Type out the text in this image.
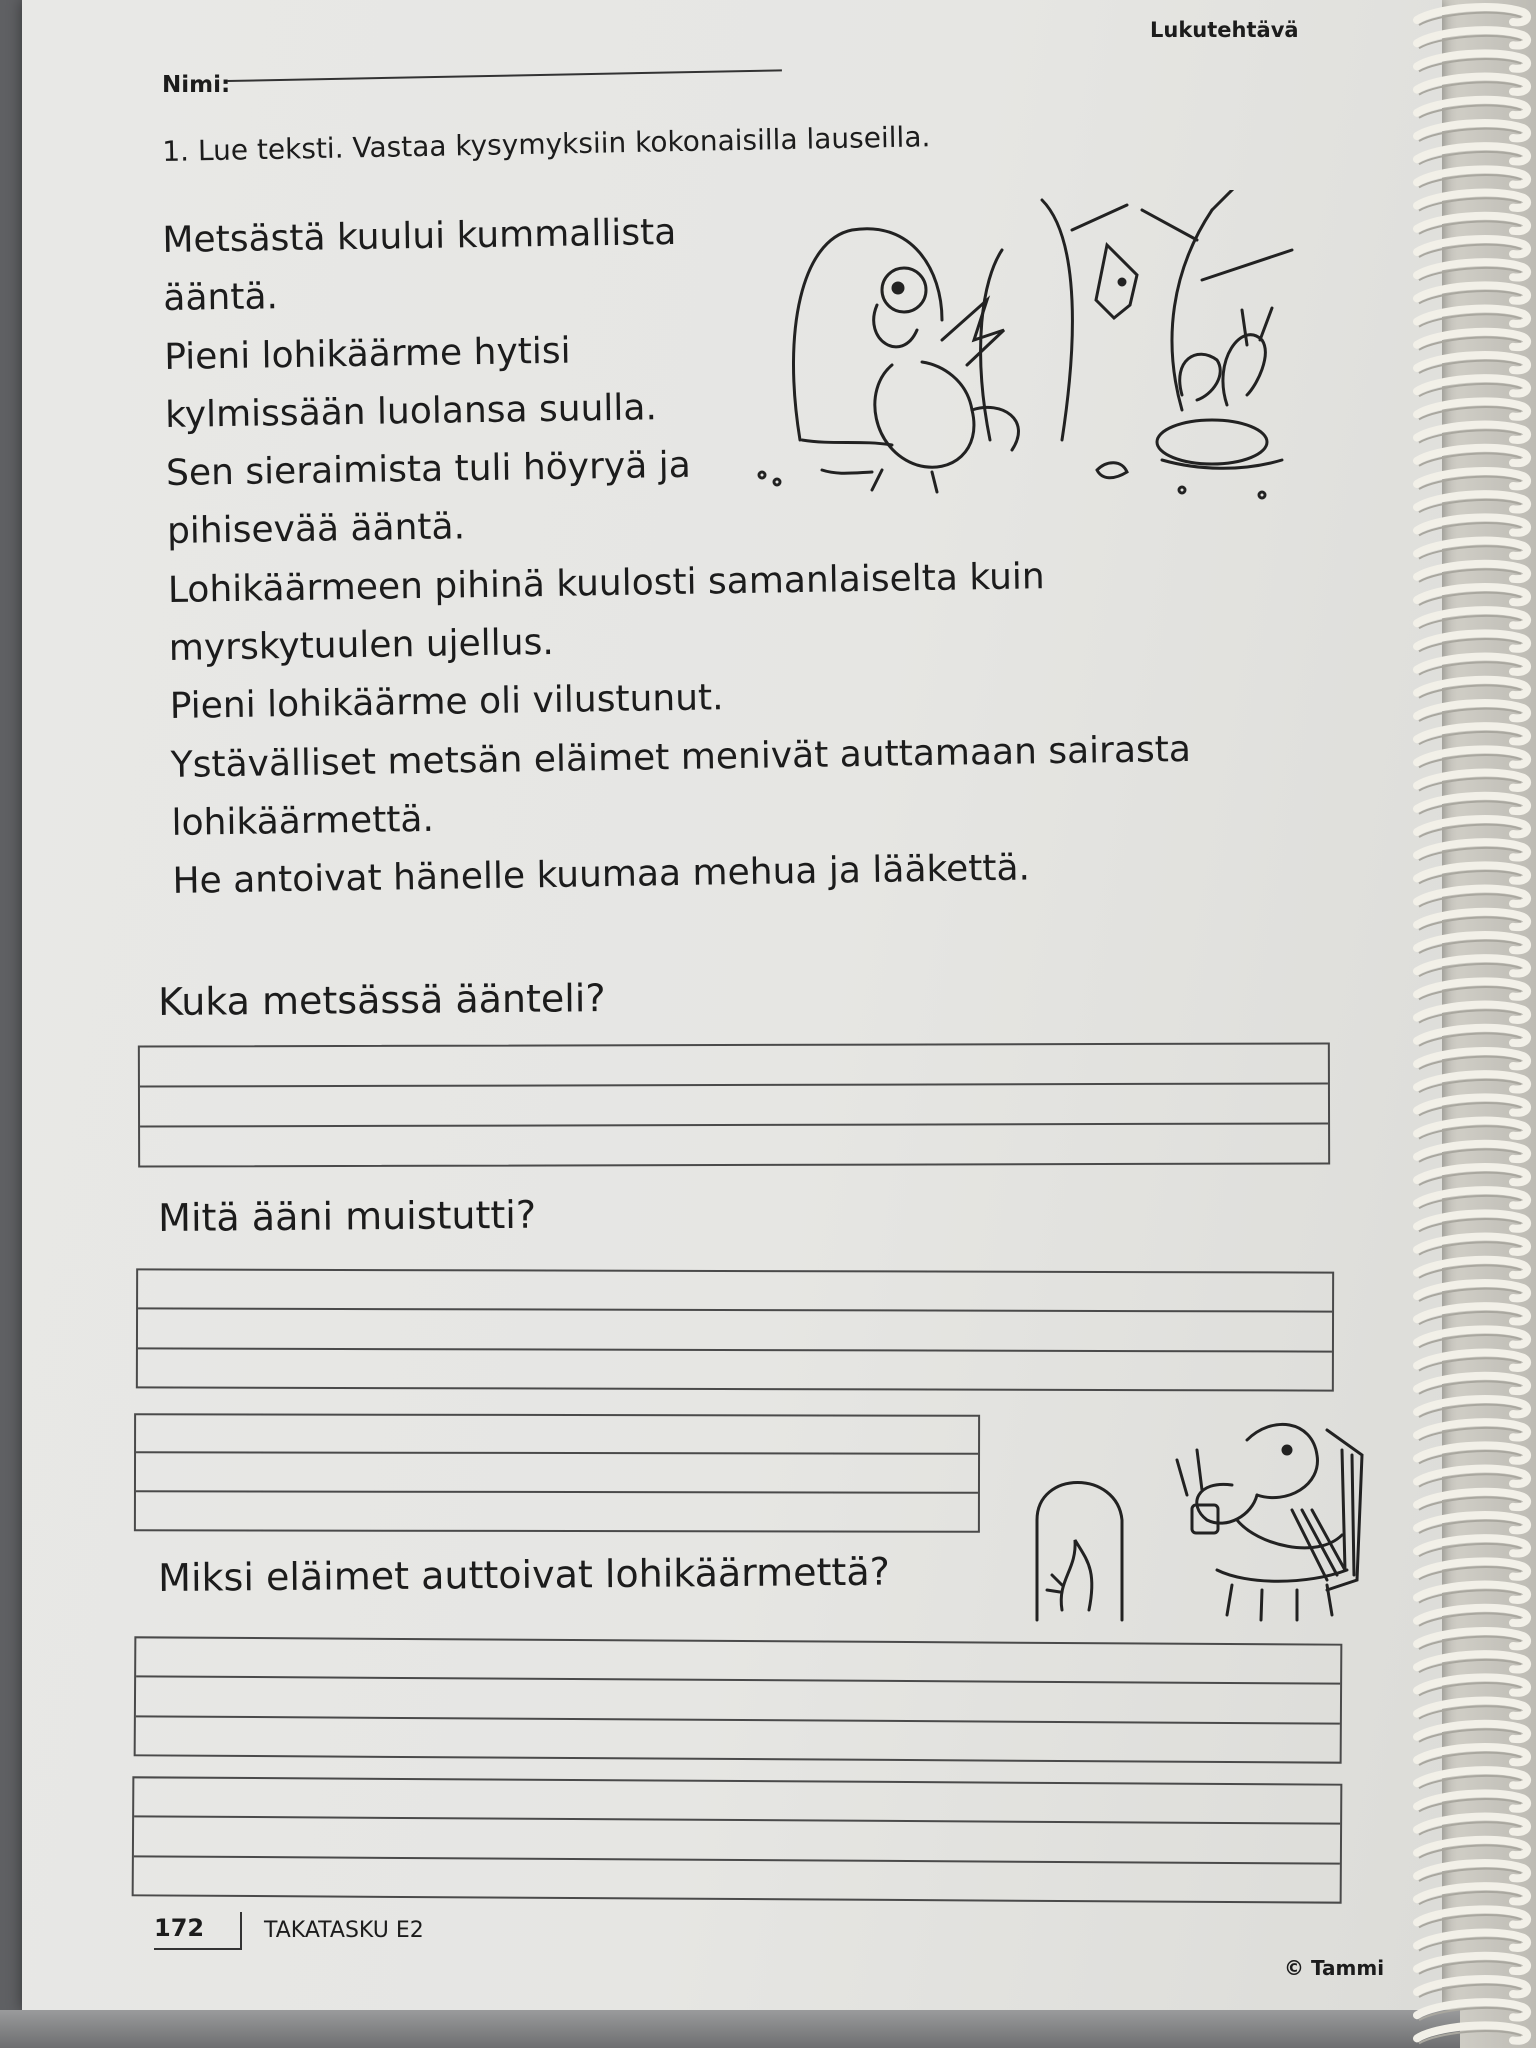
Lukutehtävä
Nimi:
1. Lue teksti. Vastaa kysymyksiin kokonaisilla lauseilla.
Metsästä kuului kummallista
ääntä.
Pieni lohikäärme hytisi
kylmissään luolansa suulla.
Sen sieraimista tuli höyryä ja
pihisevää ääntä.
Lohikäärmeen pihinä kuulosti samanlaiselta kuin
myrskytuulen ujellus.
Pieni lohikäärme oli vilustunut.
Ystävälliset metsän eläimet menivät auttamaan sairasta
lohikäärmettä.
He antoivat hänelle kuumaa mehua ja lääkettä.
Kuka metsässä äänteli?
Mitä ääni muistutti?
Miksi eläimet auttoivat lohikäärmettä?
172	TAKATASKU E2
© Tammi
